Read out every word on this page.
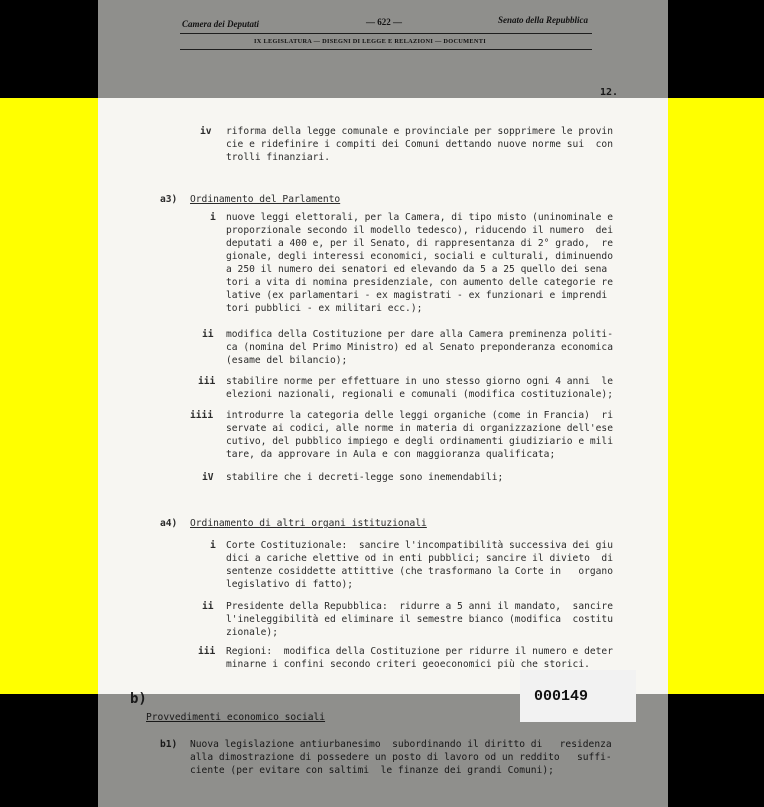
Camera dei Deputati	— 622 —	Senato della Repubblica
IX LEGISLATURA — DISEGNI DI LEGGE E RELAZIONI — DOCUMENTI
12.
iv riforma della legge comunale e provinciale per sopprimere le provin
cie e ridefinire i compiti dei Comuni dettando nuove norme sui  con
trolli finanziari.
a3) Ordinamento del Parlamento
i nuove leggi elettorali, per la Camera, di tipo misto (uninominale e
proporzionale secondo il modello tedesco), riducendo il numero  dei
deputati a 400 e, per il Senato, di rappresentanza di 2° grado,  re
gionale, degli interessi economici, sociali e culturali, diminuendo
a 250 il numero dei senatori ed elevando da 5 a 25 quello dei sena
tori a vita di nomina presidenziale, con aumento delle categorie re
lative (ex parlamentari - ex magistrati - ex funzionari e imprendi
tori pubblici - ex militari ecc.);
ii modifica della Costituzione per dare alla Camera preminenza politi-
ca (nomina del Primo Ministro) ed al Senato preponderanza economica
(esame del bilancio);
iii stabilire norme per effettuare in uno stesso giorno ogni 4 anni  le
elezioni nazionali, regionali e comunali (modifica costituzionale);
iiii introdurre la categoria delle leggi organiche (come in Francia)  ri
servate ai codici, alle norme in materia di organizzazione dell'ese
cutivo, del pubblico impiego e degli ordinamenti giudiziario e mili
tare, da approvare in Aula e con maggioranza qualificata;
iV stabilire che i decreti-legge sono inemendabili;
a4) Ordinamento di altri organi istituzionali
i Corte Costituzionale:  sancire l'incompatibilità successiva dei giu
dici a cariche elettive od in enti pubblici; sancire il divieto  di
sentenze cosiddette attittive (che trasformano la Corte in   organo
legislativo di fatto);
ii Presidente della Repubblica:  ridurre a 5 anni il mandato,  sancire
l'ineleggibilità ed eliminare il semestre bianco (modifica  costitu
zionale);
iii Regioni:  modifica della Costituzione per ridurre il numero e deter
minarne i confini secondo criteri geoeconomici più che storici.
b)
Provvedimenti economico sociali
b1) Nuova legislazione antiurbanesimo  subordinando il diritto di   residenza
alla dimostrazione di possedere un posto di lavoro od un reddito   suffi-
ciente (per evitare con saltimi  le finanze dei grandi Comuni);
000149
